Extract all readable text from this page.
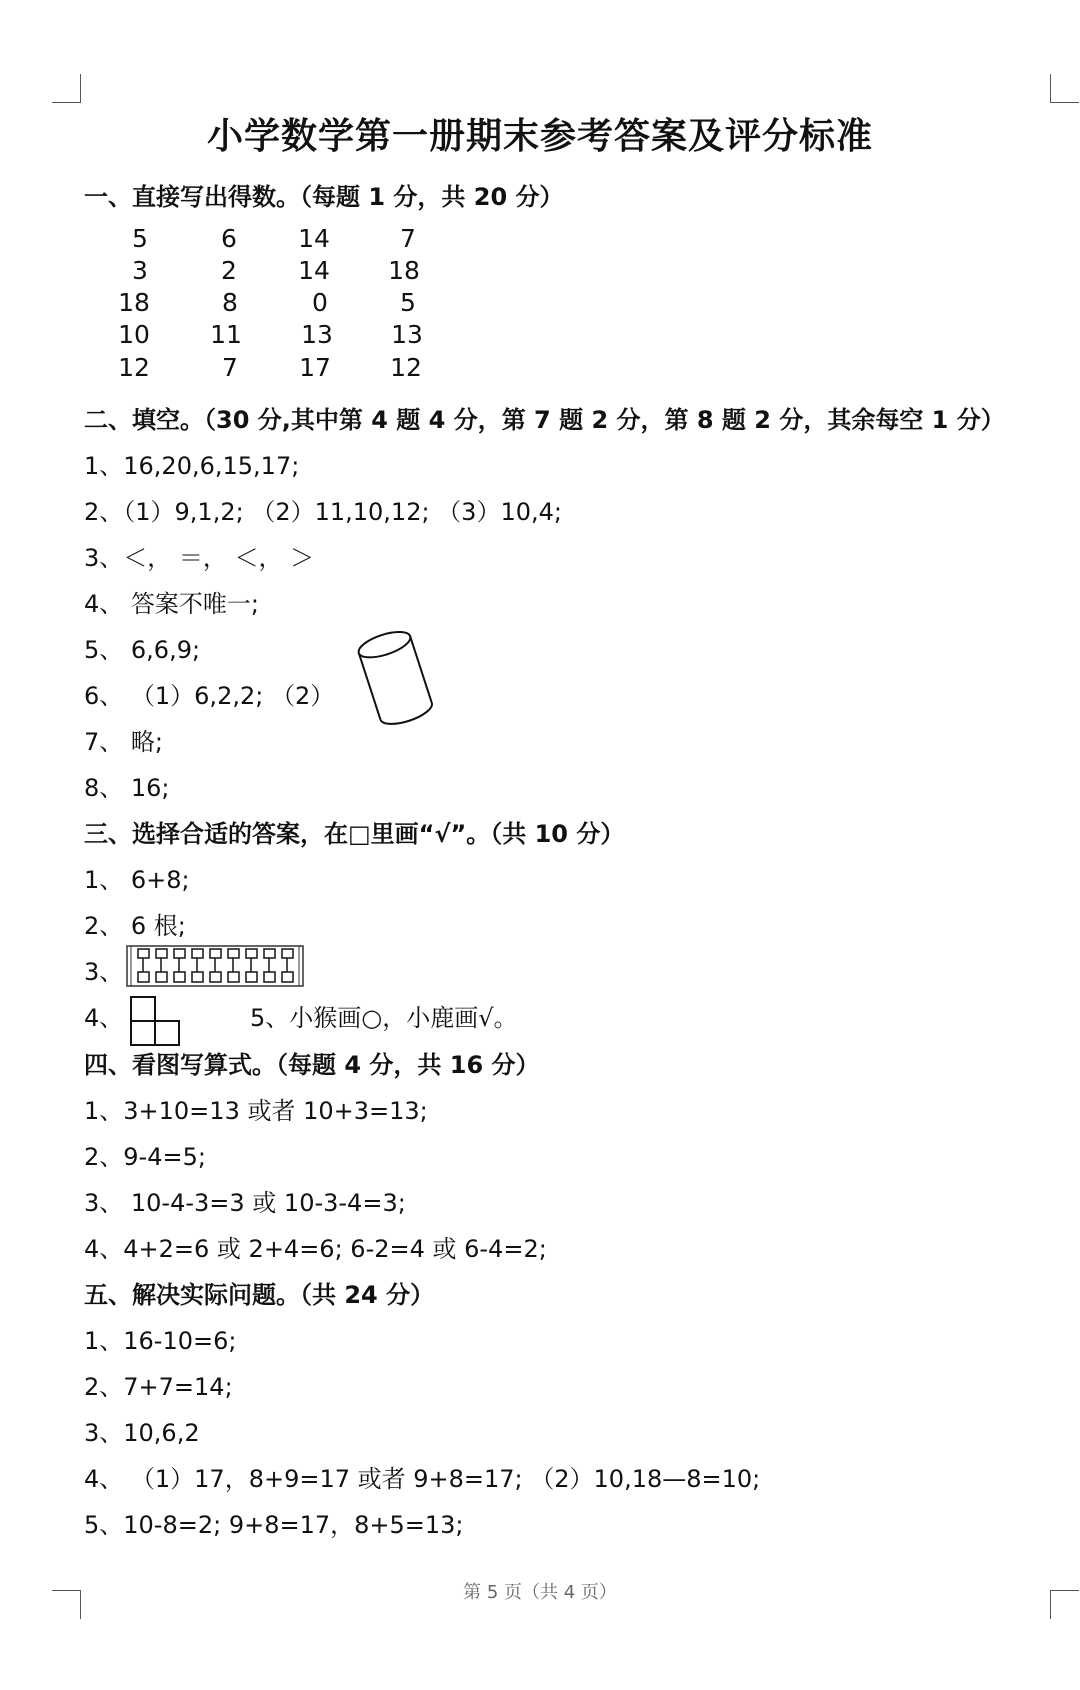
小学数学第一册期末参考答案及评分标准
一、直接写出得数。（每题 1 分，共 20 分）
5	6	14	7
3	2	14	18
18	8	0	5
10	11	13	13
12	7	17	12
二、填空。（30 分,其中第 4 题 4 分，第 7 题 2 分，第 8 题 2 分，其余每空 1 分）
1、16,20,6,15,17;
2、（1）9,1,2; （2）11,10,12; （3）10,4;
3、＜， ＝， ＜， ＞
4、 答案不唯一;
5、 6,6,9;
6、 （1）6,2,2; （2）
7、 略;
8、 16;
三、选择合适的答案，在□里画“√”。（共 10 分）
1、 6+8;
2、 6 根;
3、
4、	5、小猴画○，小鹿画√。
四、看图写算式。（每题 4 分，共 16 分）
1、3+10=13 或者 10+3=13;
2、9-4=5;
3、 10-4-3=3 或 10-3-4=3;
4、4+2=6 或 2+4=6; 6-2=4 或 6-4=2;
五、解决实际问题。（共 24 分）
1、16-10=6;
2、7+7=14;
3、10,6,2
4、 （1）17，8+9=17 或者 9+8=17; （2）10,18—8=10;
5、10-8=2; 9+8=17，8+5=13;
第 5 页（共 4 页）
